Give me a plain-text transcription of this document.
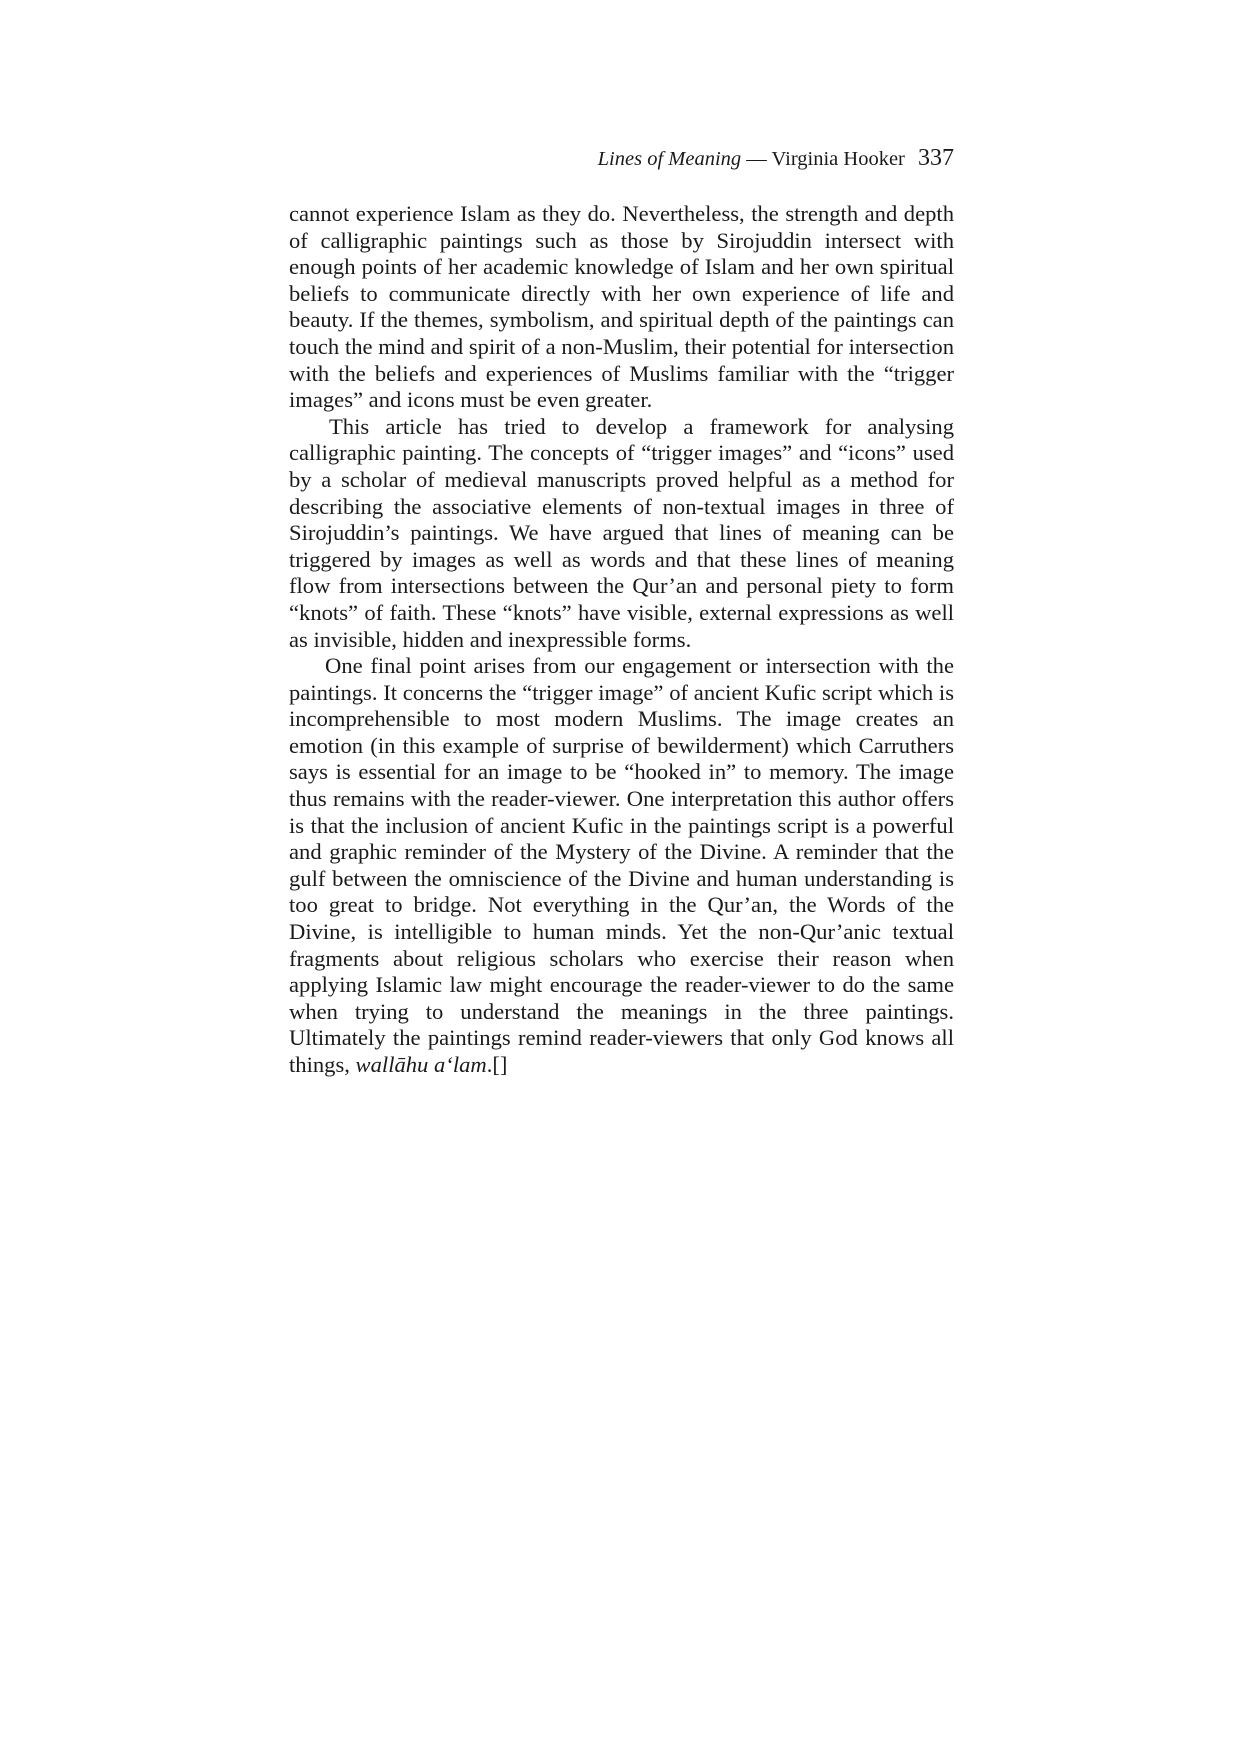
Lines of Meaning — Virginia Hooker 337

cannot experience Islam as they do. Nevertheless, the strength and depth of calligraphic paintings such as those by Sirojuddin intersect with enough points of her academic knowledge of Islam and her own spiritual beliefs to communicate directly with her own experience of life and beauty. If the themes, symbolism, and spiritual depth of the paintings can touch the mind and spirit of a non-Muslim, their potential for intersection with the beliefs and experiences of Muslims familiar with the “trigger images” and icons must be even greater.

This article has tried to develop a framework for analysing calligraphic painting. The concepts of “trigger images” and “icons” used by a scholar of medieval manuscripts proved helpful as a method for describing the associative elements of non-textual images in three of Sirojuddin’s paintings. We have argued that lines of meaning can be triggered by images as well as words and that these lines of meaning flow from intersections between the Qur’an and personal piety to form “knots” of faith. These “knots” have visible, external expressions as well as invisible, hidden and inexpressible forms.

One final point arises from our engagement or intersection with the paintings. It concerns the “trigger image” of ancient Kufic script which is incomprehensible to most modern Muslims. The image creates an emotion (in this example of surprise of bewilderment) which Carruthers says is essential for an image to be “hooked in” to memory. The image thus remains with the reader-viewer. One interpretation this author offers is that the inclusion of ancient Kufic in the paintings script is a powerful and graphic reminder of the Mystery of the Divine. A reminder that the gulf between the omniscience of the Divine and human understanding is too great to bridge. Not everything in the Qur’an, the Words of the Divine, is intelligible to human minds. Yet the non-Qur’anic textual fragments about religious scholars who exercise their reason when applying Islamic law might encourage the reader-viewer to do the same when trying to understand the meanings in the three paintings. Ultimately the paintings remind reader-viewers that only God knows all things, wallāhu a‘lam.[]
